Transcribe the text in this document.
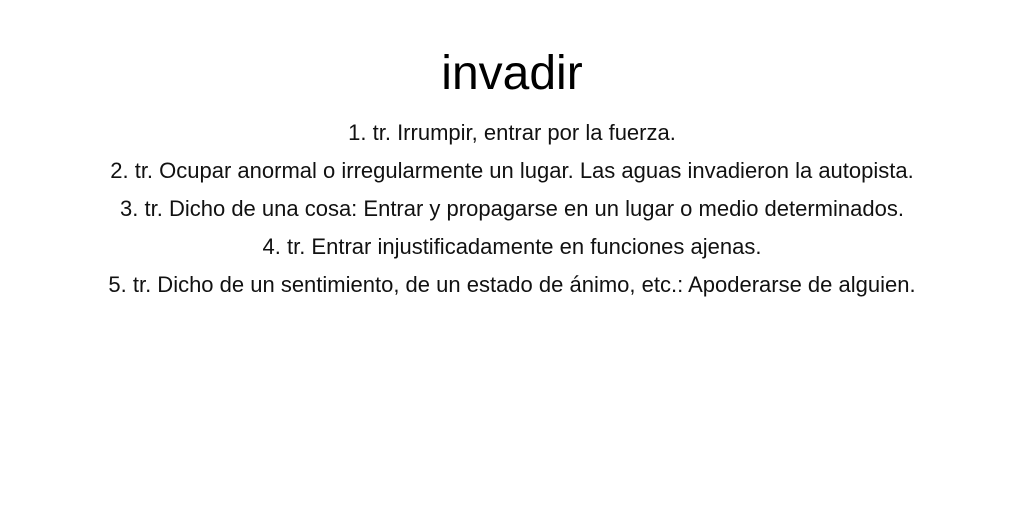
invadir
1. tr. Irrumpir, entrar por la fuerza.
2. tr. Ocupar anormal o irregularmente un lugar. Las aguas invadieron la autopista.
3. tr. Dicho de una cosa: Entrar y propagarse en un lugar o medio determinados.
4. tr. Entrar injustificadamente en funciones ajenas.
5. tr. Dicho de un sentimiento, de un estado de ánimo, etc.: Apoderarse de alguien.
